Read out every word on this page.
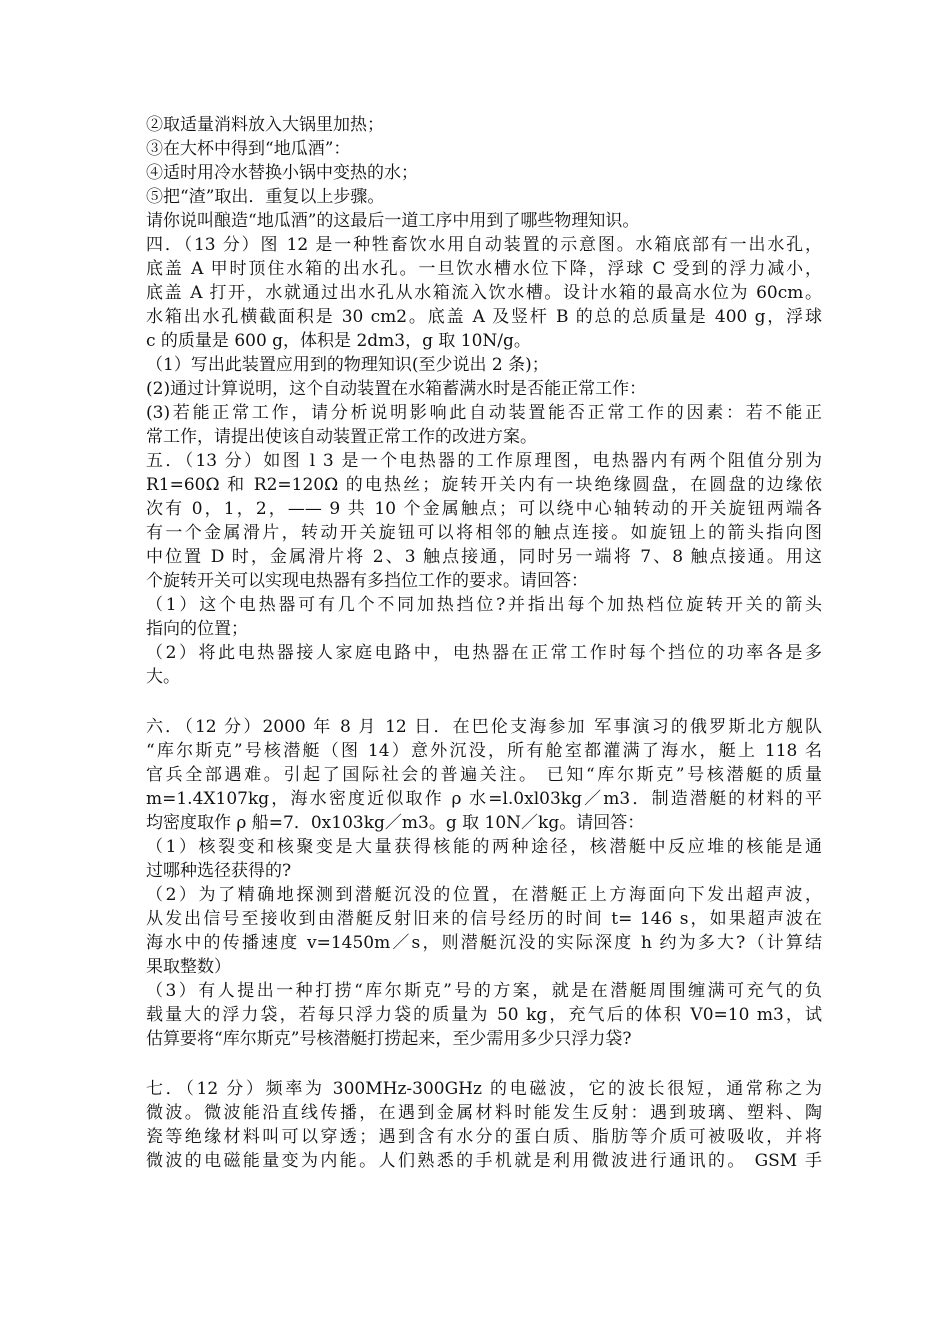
②取适量消料放入大锅里加热；
③在大杯中得到“地瓜酒”：
④适时用冷水替换小锅中变热的水；
⑤把“渣”取出．重复以上步骤。
请你说叫酿造“地瓜酒”的这最后一道工序中用到了哪些物理知识。
四．（13 分）图 12 是一种牲畜饮水用自动装置的示意图。水箱底部有一出水孔，
底盖 A 甲时顶住水箱的出水孔。一旦饮水槽水位下降，浮球 C 受到的浮力减小，
底盖 A 打开，水就通过出水孔从水箱流入饮水槽。设计水箱的最高水位为 60cm。
水箱出水孔横截面积是 30 cm2。底盖 A 及竖杆 B 的总的总质量是 400 g，浮球
c 的质量是 600 g，体积是 2dm3，g 取 10N/g。
（1）写出此装置应用到的物理知识(至少说出 2 条)；
(2)通过计算说明，这个自动装置在水箱蓄满水时是否能正常工作：
(3)若能正常工作，请分析说明影响此自动装置能否正常工作的因素：若不能正
常工作，请提出使该自动装置正常工作的改进方案。
五．（13 分）如图 l 3 是一个电热器的工作原理图，电热器内有两个阻值分别为
R1=60Ω 和 R2=120Ω 的电热丝；旋转开关内有一块绝缘圆盘，在圆盘的边缘依
次有 0，1，2，—— 9 共 10 个金属触点；可以绕中心轴转动的开关旋钮两端各
有一个金属滑片，转动开关旋钮可以将相邻的触点连接。如旋钮上的箭头指向图
中位置 D 时，金属滑片将 2、3 触点接通，同时另一端将 7、8 触点接通。用这
个旋转开关可以实现电热器有多挡位工作的要求。请回答：
（1）这个电热器可有几个不同加热挡位?并指出每个加热档位旋转开关的箭头
指向的位置；
（2）将此电热器接人家庭电路中，电热器在正常工作时每个挡位的功率各是多
大。
六．（12 分）2000 年 8 月 12 日．在巴伦支海参加 军事演习的俄罗斯北方舰队
“库尔斯克”号核潜艇（图 14）意外沉没，所有舱室都灌满了海水，艇上 118 名
官兵全部遇难。引起了国际社会的普遍关注。 已知“库尔斯克”号核潜艇的质量
m=1.4X107kg，海水密度近似取作 ρ 水=l.0xl03kg／m3．制造潜艇的材料的平
均密度取作 ρ 船=7．0x103kg／m3。g 取 10N／kg。请回答：
（1）核裂变和核聚变是大量获得核能的两种途径，核潜艇中反应堆的核能是通
过哪种选径获得的?
（2）为了精确地探测到潜艇沉没的位置，在潜艇正上方海面向下发出超声波，
从发出信号至接收到由潜艇反射旧来的信号经历的时间 t= 146 s，如果超声波在
海水中的传播速度 v=1450m／s，则潜艇沉没的实际深度 h 约为多大?（计算结
果取整数）
（3）有人提出一种打捞“库尔斯克”号的方案，就是在潜艇周围缠满可充气的负
载量大的浮力袋，若每只浮力袋的质量为 50 kg，充气后的体积 V0=10 m3，试
估算要将“库尔斯克”号核潜艇打捞起来，至少需用多少只浮力袋?
七．（12 分）频率为 300MHz-300GHz 的电磁波，它的波长很短，通常称之为
微波。微波能沿直线传播，在遇到金属材料时能发生反射：遇到玻璃、塑料、陶
瓷等绝缘材料叫可以穿透；遇到含有水分的蛋白质、脂肪等介质可被吸收，并将
微波的电磁能量变为内能。人们熟悉的手机就是利用微波进行通讯的。 GSM 手
